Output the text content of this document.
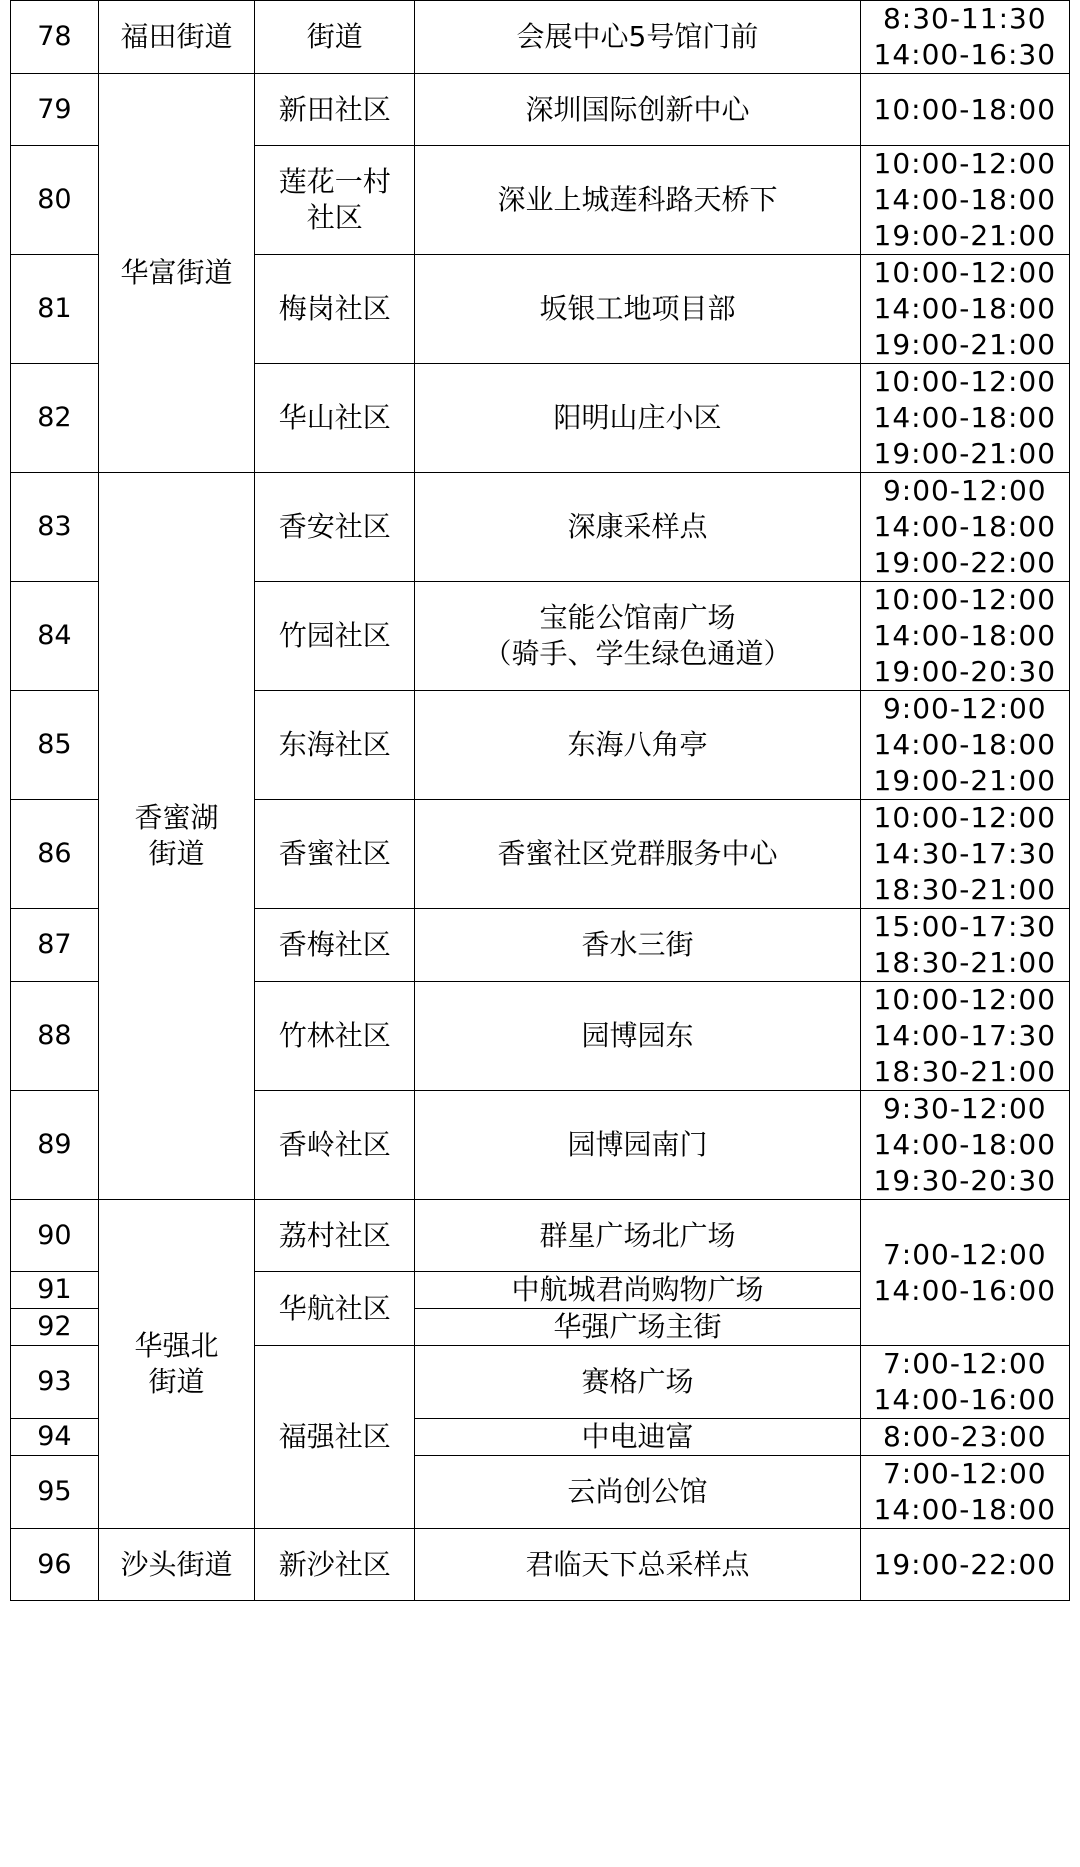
78	福田街道	街道	会展中心5号馆门前	8:30-11:30
14:00-16:30

79	华富街道	新田社区	深圳国际创新中心	10:00-18:00

80		莲花一村
社区	深业上城莲科路天桥下	10:00-12:00
14:00-18:00
19:00-21:00

81		梅岗社区	坂银工地项目部	10:00-12:00
14:00-18:00
19:00-21:00

82		华山社区	阳明山庄小区	10:00-12:00
14:00-18:00
19:00-21:00

83	香蜜湖
街道	香安社区	深康采样点	9:00-12:00
14:00-18:00
19:00-22:00

84		竹园社区	宝能公馆南广场
（骑手、学生绿色通道）	10:00-12:00
14:00-18:00
19:00-20:30

85		东海社区	东海八角亭	9:00-12:00
14:00-18:00
19:00-21:00

86		香蜜社区	香蜜社区党群服务中心	10:00-12:00
14:30-17:30
18:30-21:00

87		香梅社区	香水三街	15:00-17:30
18:30-21:00

88		竹林社区	园博园东	10:00-12:00
14:00-17:30
18:30-21:00

89		香岭社区	园博园南门	9:30-12:00
14:00-18:00
19:30-20:30

90	华强北
街道	荔村社区	群星广场北广场	7:00-12:00
14:00-16:00

91		华航社区	中航城君尚购物广场	
92			华强广场主街	
93		福强社区	赛格广场	7:00-12:00
14:00-16:00

94			中电迪富	8:00-23:00

95			云尚创公馆	7:00-12:00
14:00-18:00

96	沙头街道	新沙社区	君临天下总采样点	19:00-22:00
